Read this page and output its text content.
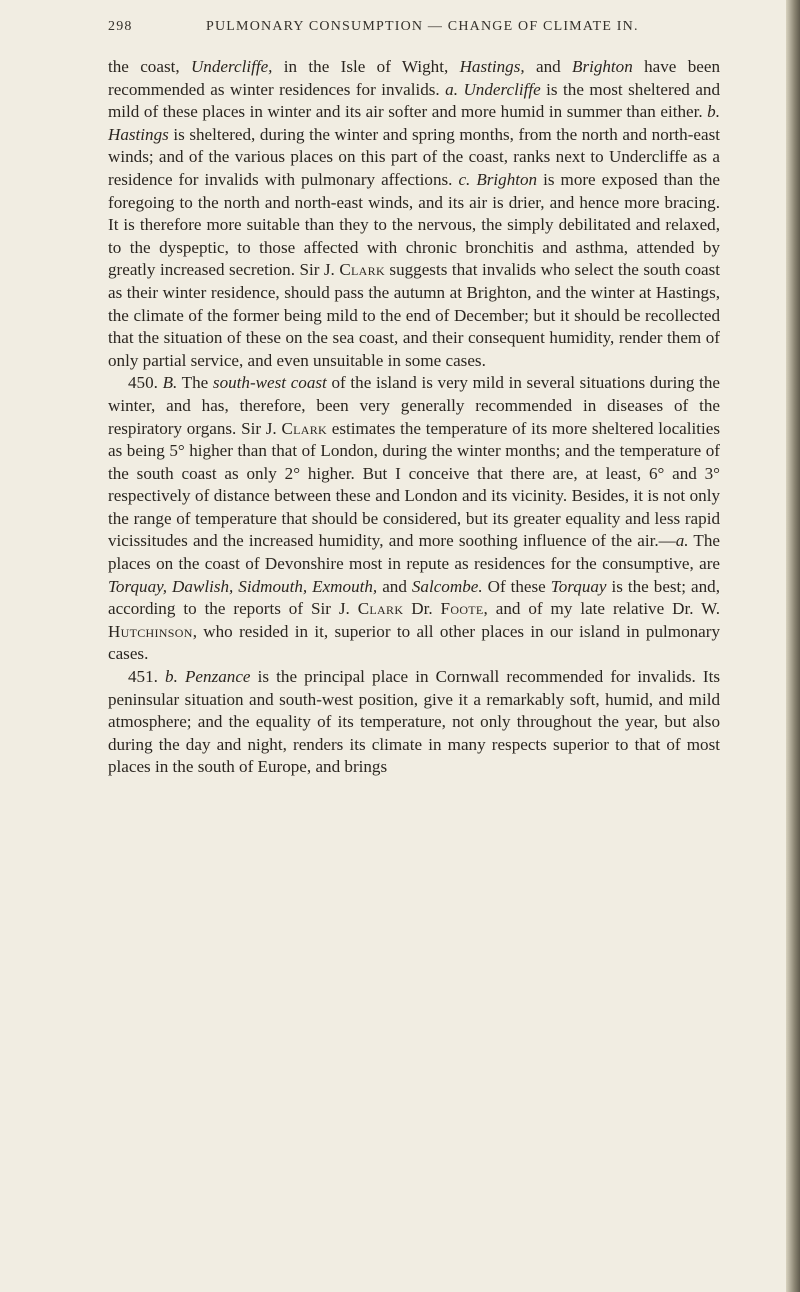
298	PULMONARY CONSUMPTION — CHANGE OF CLIMATE IN.

the coast, Undercliffe, in the Isle of Wight, Hastings, and Brighton have been recommended as winter residences for invalids. a. Undercliffe is the most sheltered and mild of these places in winter and its air softer and more humid in summer than either. b. Hastings is sheltered, during the winter and spring months, from the north and north-east winds; and of the various places on this part of the coast, ranks next to Undercliffe as a residence for invalids with pulmonary affections. c. Brighton is more exposed than the foregoing to the north and north-east winds, and its air is drier, and hence more bracing. It is therefore more suitable than they to the nervous, the simply debilitated and relaxed, to the dyspeptic, to those affected with chronic bronchitis and asthma, attended by greatly increased secretion. Sir J. Clark suggests that invalids who select the south coast as their winter residence, should pass the autumn at Brighton, and the winter at Hastings, the climate of the former being mild to the end of December; but it should be recollected that the situation of these on the sea coast, and their consequent humidity, render them of only partial service, and even unsuitable in some cases.

450. B. The south-west coast of the island is very mild in several situations during the winter, and has, therefore, been very generally recommended in diseases of the respiratory organs. Sir J. Clark estimates the temperature of its more sheltered localities as being 5° higher than that of London, during the winter months; and the temperature of the south coast as only 2° higher. But I conceive that there are, at least, 6° and 3° respectively of distance between these and London and its vicinity. Besides, it is not only the range of temperature that should be considered, but its greater equality and less rapid vicissitudes and the increased humidity, and more soothing influence of the air.—a. The places on the coast of Devonshire most in repute as residences for the consumptive, are Torquay, Dawlish, Sidmouth, Exmouth, and Salcombe. Of these Torquay is the best; and, according to the reports of Sir J. Clark Dr. Foote, and of my late relative Dr. W. Hutchinson, who resided in it, superior to all other places in our island in pulmonary cases.

451. b. Penzance is the principal place in Cornwall recommended for invalids. Its peninsular situation and south-west position, give it a remarkably soft, humid, and mild atmosphere; and the equality of its temperature, not only throughout the year, but also during the day and night, renders its climate in many respects superior to that of most places in the south of Europe, and brings
